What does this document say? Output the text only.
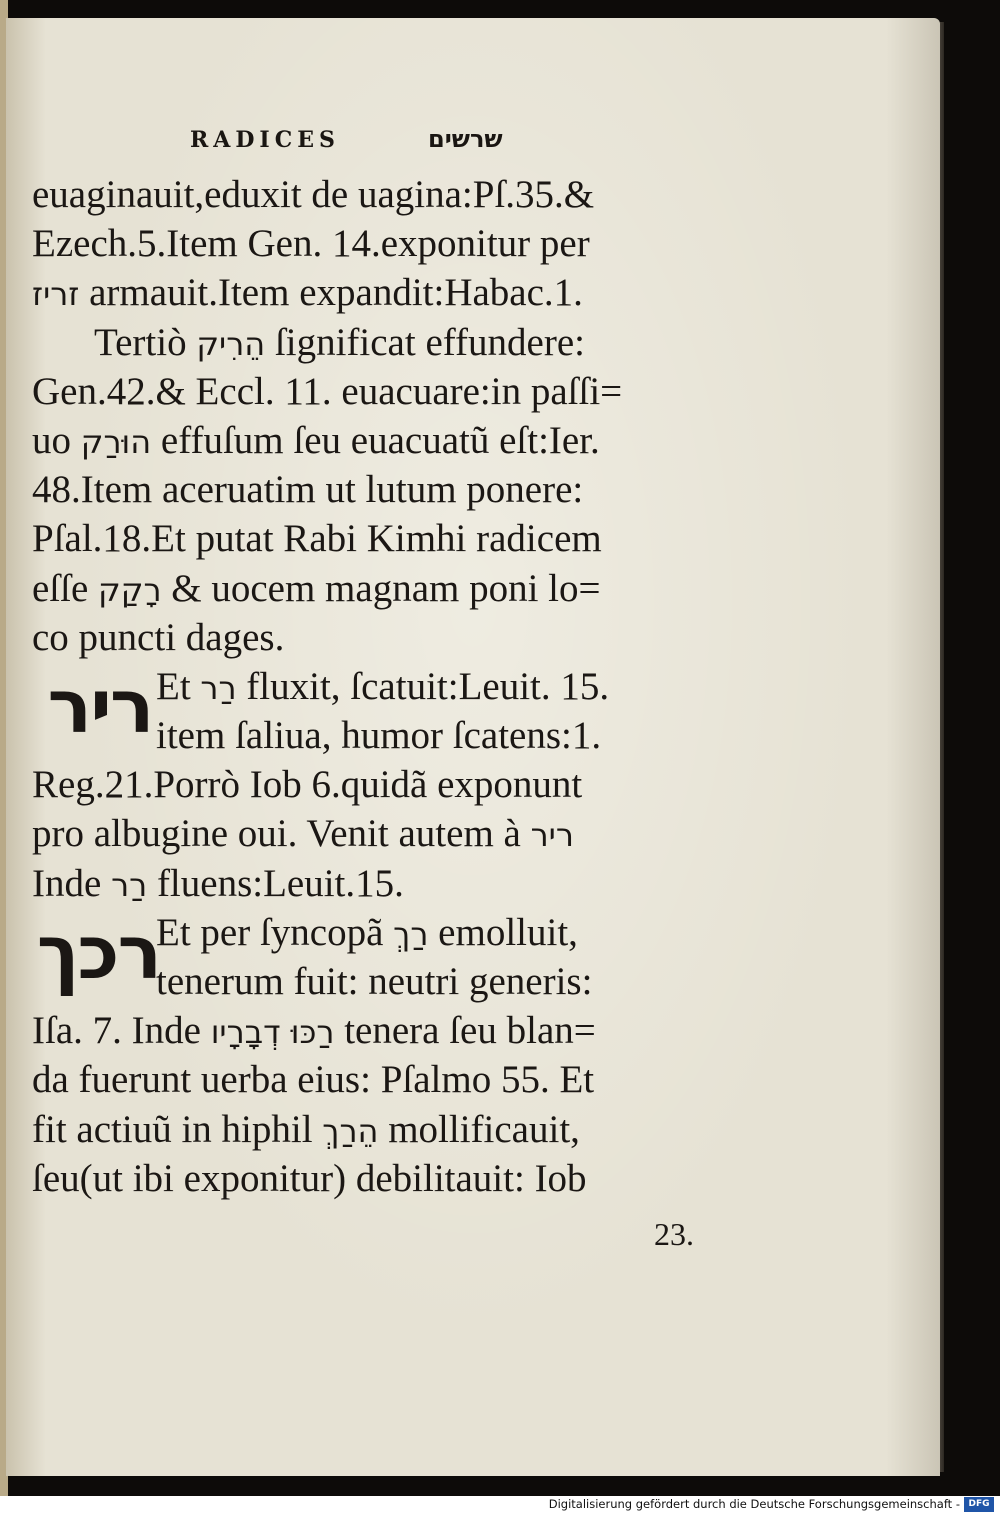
RADICES	שרשים
euaginauit,eduxit de uagina:Pſ.35.&
Ezech.5.Item Gen. 14.exponitur per
זריז armauit.Item expandit:Habac.1.
Tertiò הֵרִיק ſignificat effundere:
Gen.42.& Eccl. 11. euacuare:in paſſi=
uo הוּרַק effuſum ſeu euacuatũ eſt:Ier.
48.Item aceruatim ut lutum ponere:
Pſal.18.Et putat Rabi Kimhi radicem
eſſe רָקַק & uocem magnam poni lo=
co puncti dages.
ריר Et רַר fluxit, ſcatuit:Leuit. 15.
item ſaliua, humor ſcatens:1.
Reg.21.Porrò Iob 6.quidã exponunt
pro albugine oui. Venit autem à ריר
Inde רַר fluens:Leuit.15.
רכך
Et per ſyncopã רַךְ emolluit,
tenerum fuit: neutri generis:
Iſa. 7. Inde רַכּוּ דְבָרָיו tenera ſeu blan=
da fuerunt uerba eius: Pſalmo 55. Et
fit actiuũ in hiphil הֵרַךְ mollificauit,
ſeu(ut ibi exponitur) debilitauit: Iob
23.
Digitalisierung gefördert durch die Deutsche Forschungsgemeinschaft - DFG
